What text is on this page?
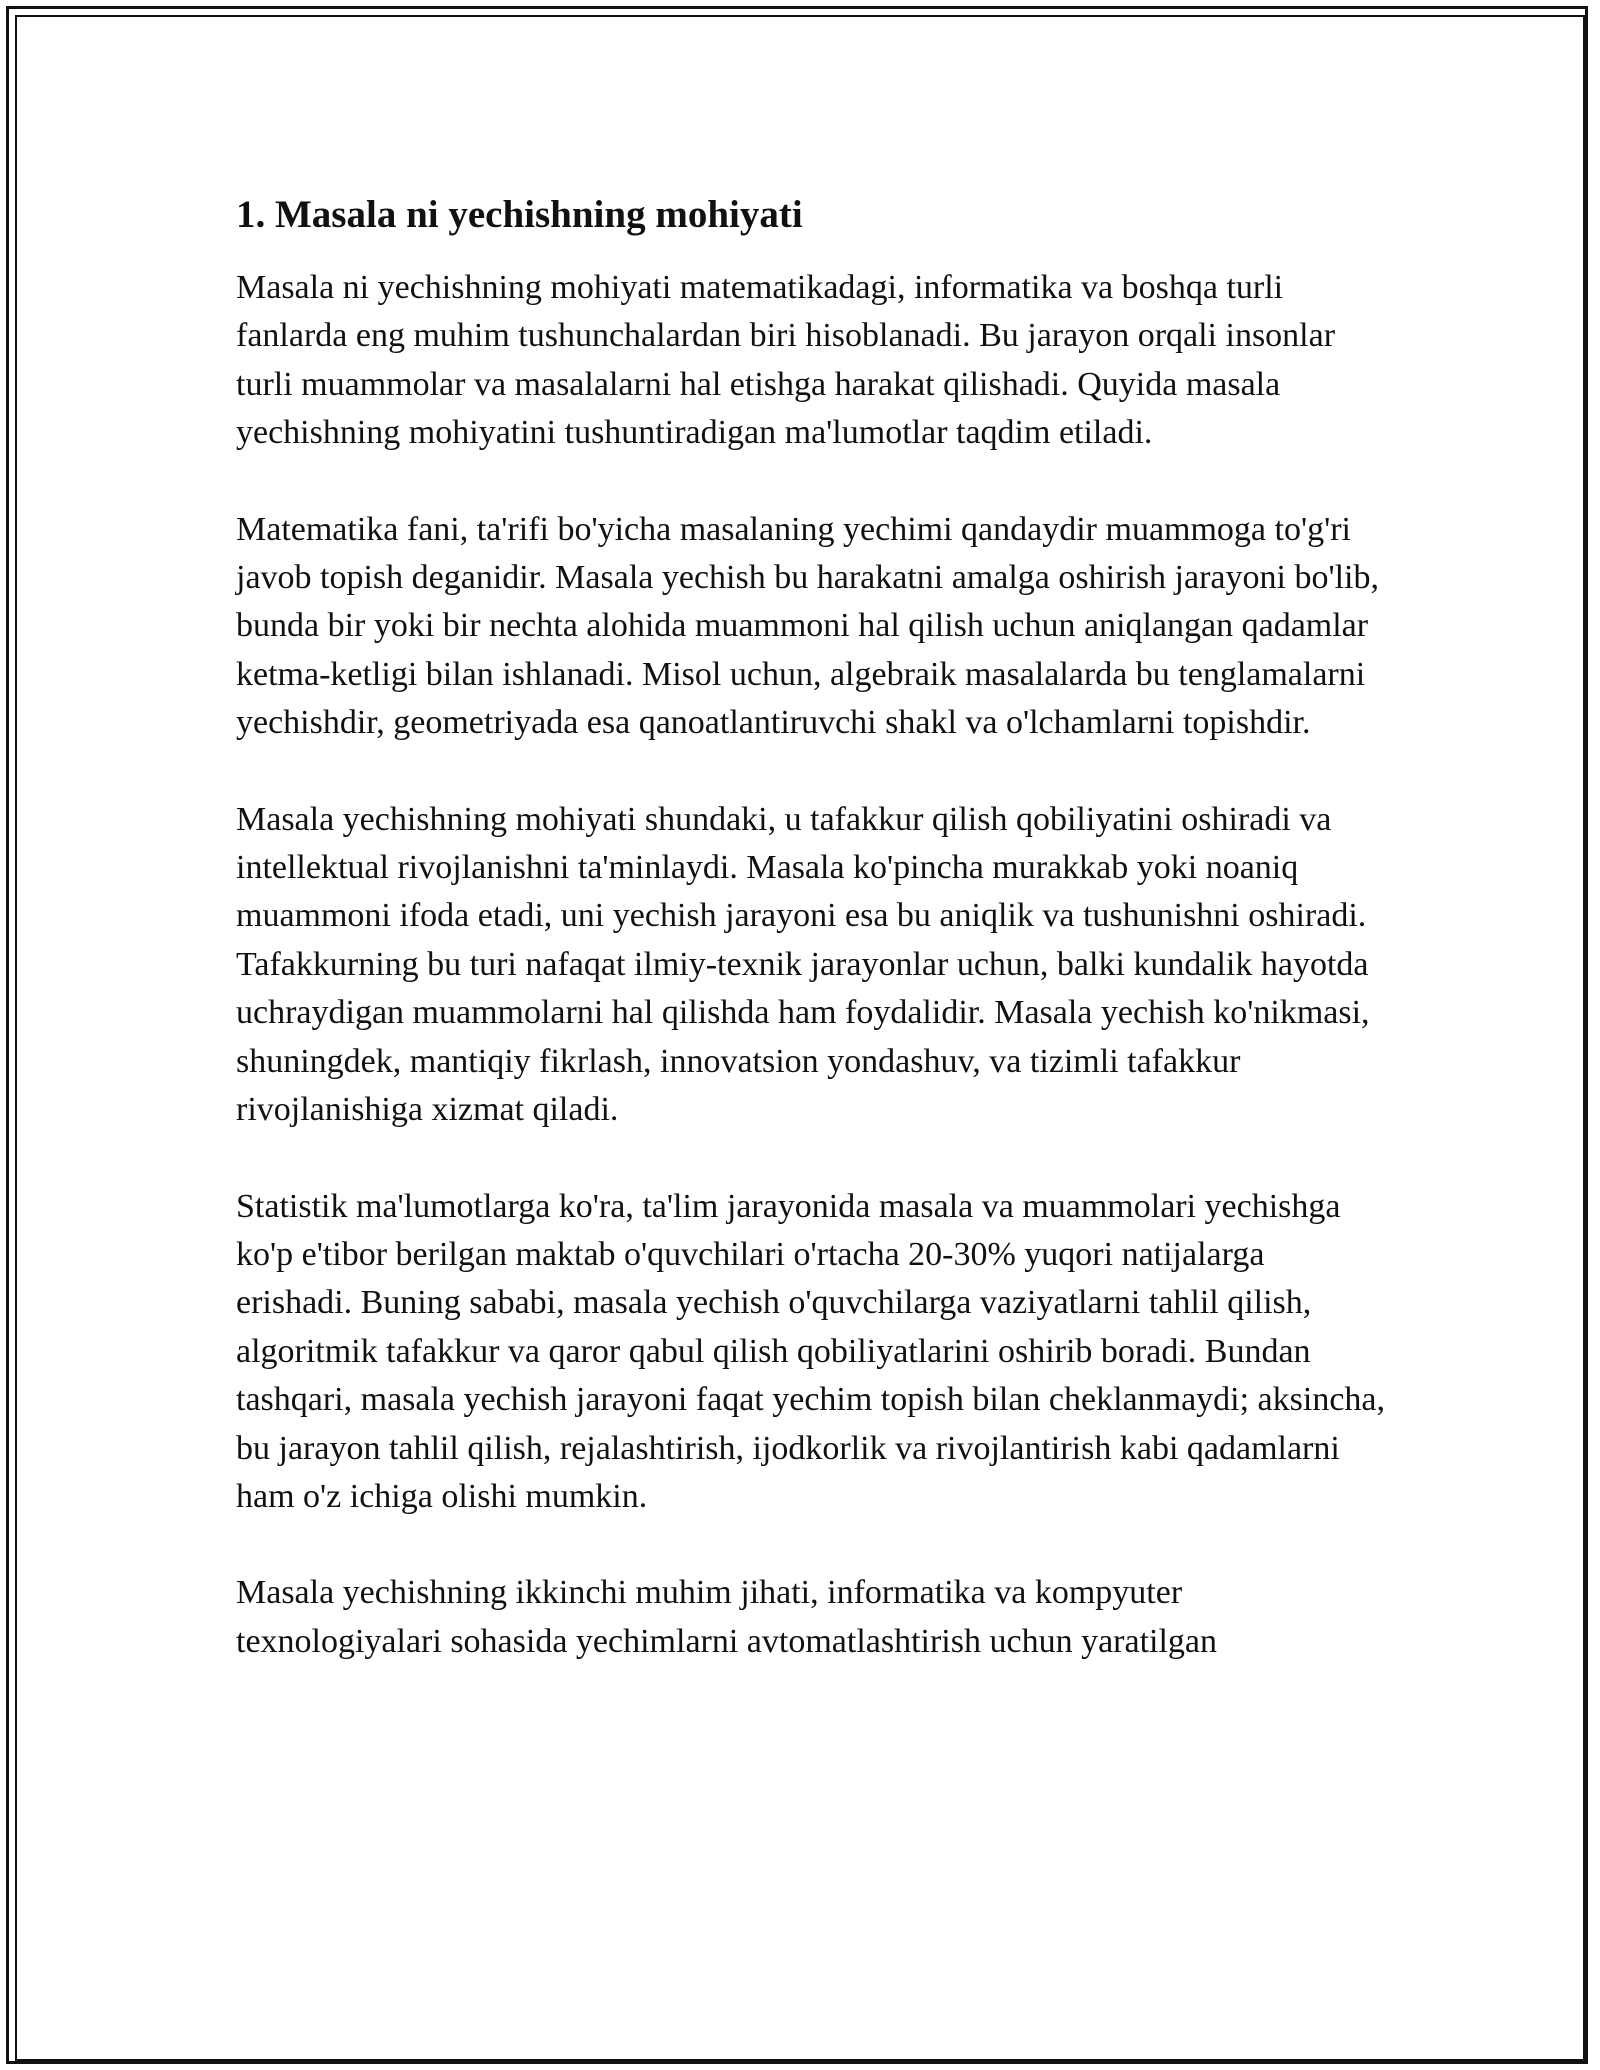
1. Masala ni yechishning mohiyati

Masala ni yechishning mohiyati matematikadagi, informatika va boshqa turli fanlarda eng muhim tushunchalardan biri hisoblanadi. Bu jarayon orqali insonlar turli muammolar va masalalarni hal etishga harakat qilishadi. Quyida masala yechishning mohiyatini tushuntiradigan ma'lumotlar taqdim etiladi.

Matematika fani, ta'rifi bo'yicha masalaning yechimi qandaydir muammoga to'g'ri javob topish deganidir. Masala yechish bu harakatni amalga oshirish jarayoni bo'lib, bunda bir yoki bir nechta alohida muammoni hal qilish uchun aniqlangan qadamlar ketma-ketligi bilan ishlanadi. Misol uchun, algebraik masalalarda bu tenglamalarni yechishdir, geometriyada esa qanoatlantiruvchi shakl va o'lchamlarni topishdir.

Masala yechishning mohiyati shundaki, u tafakkur qilish qobiliyatini oshiradi va intellektual rivojlanishni ta'minlaydi. Masala ko'pincha murakkab yoki noaniq muammoni ifoda etadi, uni yechish jarayoni esa bu aniqlik va tushunishni oshiradi. Tafakkurning bu turi nafaqat ilmiy-texnik jarayonlar uchun, balki kundalik hayotda uchraydigan muammolarni hal qilishda ham foydalidir. Masala yechish ko'nikmasi, shuningdek, mantiqiy fikrlash, innovatsion yondashuv, va tizimli tafakkur rivojlanishiga xizmat qiladi.

Statistik ma'lumotlarga ko'ra, ta'lim jarayonida masala va muammolari yechishga ko'p e'tibor berilgan maktab o'quvchilari o'rtacha 20-30% yuqori natijalarga erishadi. Buning sababi, masala yechish o'quvchilarga vaziyatlarni tahlil qilish, algoritmik tafakkur va qaror qabul qilish qobiliyatlarini oshirib boradi. Bundan tashqari, masala yechish jarayoni faqat yechim topish bilan cheklanmaydi; aksincha, bu jarayon tahlil qilish, rejalashtirish, ijodkorlik va rivojlantirish kabi qadamlarni ham o'z ichiga olishi mumkin.

Masala yechishning ikkinchi muhim jihati, informatika va kompyuter texnologiyalari sohasida yechimlarni avtomatlashtirish uchun yaratilgan
